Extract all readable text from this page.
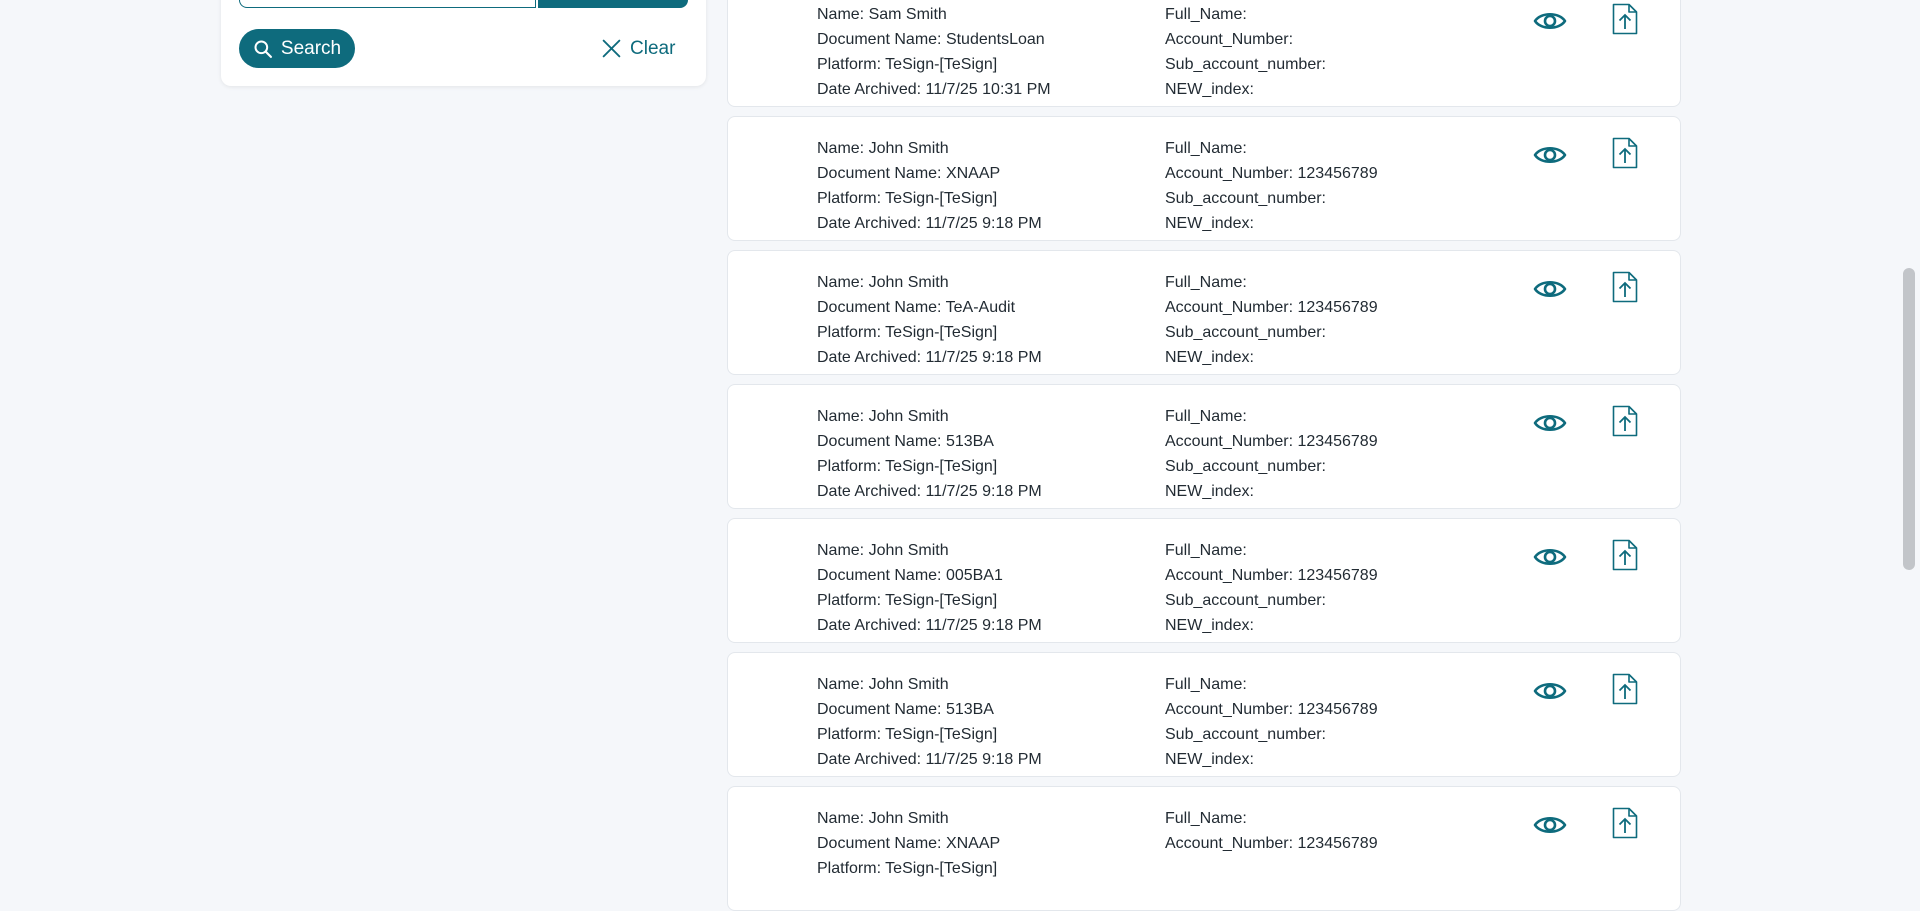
Search	Clear
Name: Sam Smith
Document Name: StudentsLoan
Platform: TeSign-[TeSign]
Date Archived: 11/7/25 10:31 PM
Full_Name:
Account_Number:
Sub_account_number:
NEW_index:
Name: John Smith
Document Name: XNAAP
Platform: TeSign-[TeSign]
Date Archived: 11/7/25 9:18 PM
Full_Name:
Account_Number: 123456789
Sub_account_number:
NEW_index:
Name: John Smith
Document Name: TeA-Audit
Platform: TeSign-[TeSign]
Date Archived: 11/7/25 9:18 PM
Full_Name:
Account_Number: 123456789
Sub_account_number:
NEW_index:
Name: John Smith
Document Name: 513BA
Platform: TeSign-[TeSign]
Date Archived: 11/7/25 9:18 PM
Full_Name:
Account_Number: 123456789
Sub_account_number:
NEW_index:
Name: John Smith
Document Name: 005BA1
Platform: TeSign-[TeSign]
Date Archived: 11/7/25 9:18 PM
Full_Name:
Account_Number: 123456789
Sub_account_number:
NEW_index:
Name: John Smith
Document Name: 513BA
Platform: TeSign-[TeSign]
Date Archived: 11/7/25 9:18 PM
Full_Name:
Account_Number: 123456789
Sub_account_number:
NEW_index:
Name: John Smith
Document Name: XNAAP
Platform: TeSign-[TeSign]
Full_Name:
Account_Number: 123456789
